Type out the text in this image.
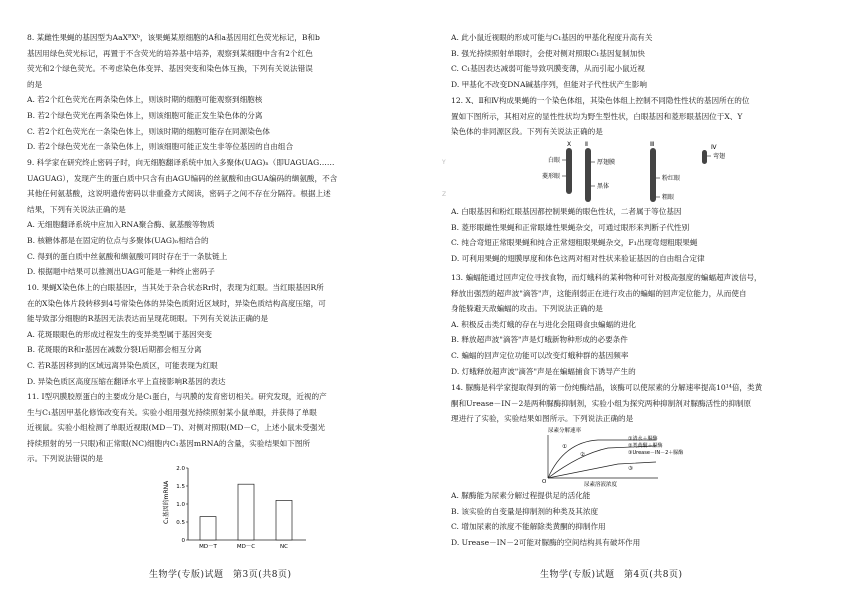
8. 某雌性果蝇的基因型为AaXᴮXᵇ，该果蝇某原细胞的A和a基因用红色荧光标记，B和b

基因用绿色荧光标记，再置于不含荧光的培养基中培养，观察到某细胞中含有2个红色

荧光和2个绿色荧光。不考虑染色体变异、基因突变和染色体互换，下列有关说法错误

的是

A. 若2个红色荧光在两条染色体上，则该时期的细胞可能观察到细胞核

B. 若2个绿色荧光在两条染色体上，则该细胞可能正发生染色体的分离

C. 若2个红色荧光在一条染色体上，则该时期的细胞可能存在同源染色体

D. 若2个绿色荧光在一条染色体上，则该细胞可能正发生非等位基因的自由组合

9. 科学家在研究终止密码子时，向无细胞翻译系统中加入多聚体(UAG)ₙ（即UAGUAG……

UAGUAG），发现产生的蛋白质中只含有由AGU编码的丝氨酸和由GUA编码的缬氨酸，不含

其他任何氨基酸，这说明遗传密码以非重叠方式阅读，密码子之间不存在分隔符。根据上述

结果，下列有关说法正确的是

A. 无细胞翻译系统中应加入RNA聚合酶、氨基酸等物质

B. 核糖体都是在固定的位点与多聚体(UAG)ₙ相结合的

C. 得到的蛋白质中丝氨酸和缬氨酸可同时存在于一条肽链上

D. 根据题中结果可以推测出UAG可能是一种终止密码子

10. 果蝇X染色体上的白眼基因r，当其处于杂合状态Rr时，表现为红眼。当红眼基因R所

在的X染色体片段转移到4号常染色体的异染色质附近区域时，异染色质结构高度压缩，可

能导致部分细胞的R基因无法表达而呈现花斑眼。下列有关说法正确的是

A. 花斑眼眼色的形成过程发生的变异类型属于基因突变

B. 花斑眼的R和r基因在减数分裂Ⅰ后期都会相互分离

C. 若R基因移到的区域远离异染色质区，可能表现为红眼

D. 异染色质区高度压缩在翻译水平上直接影响R基因的表达

11. Ⅰ型巩膜胶原蛋白的主要成分是C₁蛋白，与巩膜的发育密切相关。研究发现，近视的产

生与C₁基因甲基化修饰改变有关。实验小组用强光持续照射某小鼠单眼，并获得了单眼

近视鼠。实验小组检测了单眼近视眼(MD－T)、对侧对照眼(MD－C，上述小鼠未受强光

持续照射的另一只眼)和正常眼(NC)细胞内C₁基因mRNA的含量，实验结果如下图所

示。下列说法错误的是

C₁基因的mRNA
0
0.5
1.0
1.5
2.0
MD－T	MD－C	NC
生物学(专版)试题　第3页(共8页)

A. 此小鼠近视眼的形成可能与C₁基因的甲基化程度升高有关

B. 强光持续照射单眼时，会使对侧对照眼C₁基因复制加快

C. C₁基因表达减弱可能导致巩膜变薄，从而引起小鼠近视

D. 甲基化不改变DNA碱基序列，但能对子代性状产生影响

12. X、Ⅱ和Ⅳ构成果蝇的一个染色体组，其染色体组上控制不同隐性性状的基因所在的位

置如下图所示，其相对应的显性性状均为野生型性状，白眼基因和菱形眼基因位于X、Y

染色体的非同源区段。下列有关说法正确的是

Y
Z
X
白眼
菱形眼
Ⅱ
厚翅膜
黑体
Ⅲ
粉红眼
粗眼
Ⅳ
弯翅

A. 白眼基因和粉红眼基因都控制果蝇的眼色性状，二者属于等位基因

B. 菱形眼雌性果蝇和正常眼雄性果蝇杂交，可通过眼形来判断子代性别

C. 纯合弯翅正常眼果蝇和纯合正常翅粗眼果蝇杂交，F₁出现弯翅粗眼果蝇

D. 可利用果蝇的翅膜厚度和体色这两对相对性状来验证基因的自由组合定律

13. 蝙蝠能通过回声定位寻找食物，而灯蛾科的某种物种可针对极高强度的蝙蝠超声波信号，

释放出强烈的超声波"滴答"声，这能削弱正在进行攻击的蝙蝠的回声定位能力，从而使自

身能躲避天敌蝙蝠的攻击。下列说法正确的是

A. 积极反击类灯蛾的存在与进化会阻碍食虫蝙蝠的进化

B. 释放超声波"滴答"声是灯蛾新物种形成的必要条件

C. 蝙蝠的回声定位功能可以改变灯蛾种群的基因频率

D. 灯蛾释放超声波"滴答"声是在蝙蝠捕食下诱导产生的

14. 脲酶是科学家提取得到的第一份纯酶结晶，该酶可以使尿素的分解速率提高10¹⁴倍，类黄

酮和Urease－IN－2是两种脲酶抑制剂，实验小组为探究两种抑制剂对脲酶活性的抑制原

理进行了实验，实验结果如图所示。下列说法正确的是

尿素分解速率
O	尿素溶液浓度
①
②
③
①清水＋脲酶
②类黄酮＋脲酶
③Urease－IN－2＋脲酶

A. 脲酶能为尿素分解过程提供足的活化能

B. 该实验的自变量是抑制剂的种类及其浓度

C. 增加尿素的浓度不能解除类黄酮的抑制作用

D. Urease－IN－2可能对脲酶的空间结构具有破坏作用

生物学(专版)试题　第4页(共8页)
